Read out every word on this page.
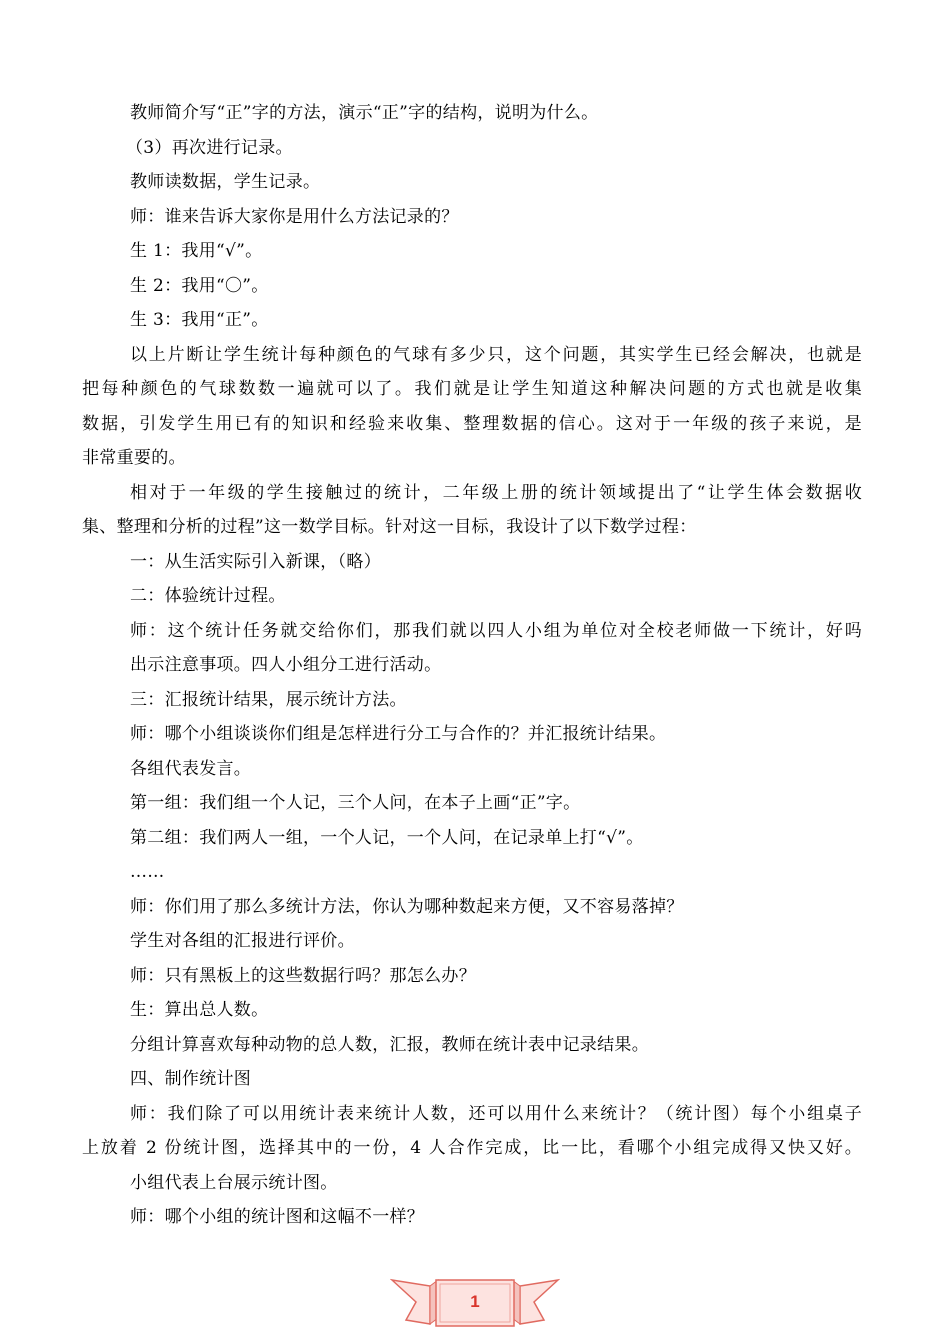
教师简介写“正”字的方法，演示“正”字的结构，说明为什么。
（3）再次进行记录。
教师读数据，学生记录。
师：谁来告诉大家你是用什么方法记录的？
生 1：我用“√”。
生 2：我用“〇”。
生 3：我用“正”。
以上片断让学生统计每种颜色的气球有多少只，这个问题，其实学生已经会解决，也就是
把每种颜色的气球数数一遍就可以了。我们就是让学生知道这种解决问题的方式也就是收集
数据，引发学生用已有的知识和经验来收集、整理数据的信心。这对于一年级的孩子来说，是
非常重要的。
相对于一年级的学生接触过的统计，二年级上册的统计领域提出了“让学生体会数据收
集、整理和分析的过程”这一数学目标。针对这一目标，我设计了以下数学过程：
一：从生活实际引入新课，（略）
二：体验统计过程。
师：这个统计任务就交给你们，那我们就以四人小组为单位对全校老师做一下统计，好吗
出示注意事项。四人小组分工进行活动。
三：汇报统计结果，展示统计方法。
师：哪个小组谈谈你们组是怎样进行分工与合作的？并汇报统计结果。
各组代表发言。
第一组：我们组一个人记，三个人问，在本子上画“正”字。
第二组：我们两人一组，一个人记，一个人问，在记录单上打“√”。
……
师：你们用了那么多统计方法，你认为哪种数起来方便，又不容易落掉？
学生对各组的汇报进行评价。
师：只有黑板上的这些数据行吗？那怎么办？
生：算出总人数。
分组计算喜欢每种动物的总人数，汇报，教师在统计表中记录结果。
四、制作统计图
师：我们除了可以用统计表来统计人数，还可以用什么来统计？（统计图）每个小组桌子
上放着 2 份统计图，选择其中的一份，4 人合作完成，比一比，看哪个小组完成得又快又好。
小组代表上台展示统计图。
师：哪个小组的统计图和这幅不一样？
1
